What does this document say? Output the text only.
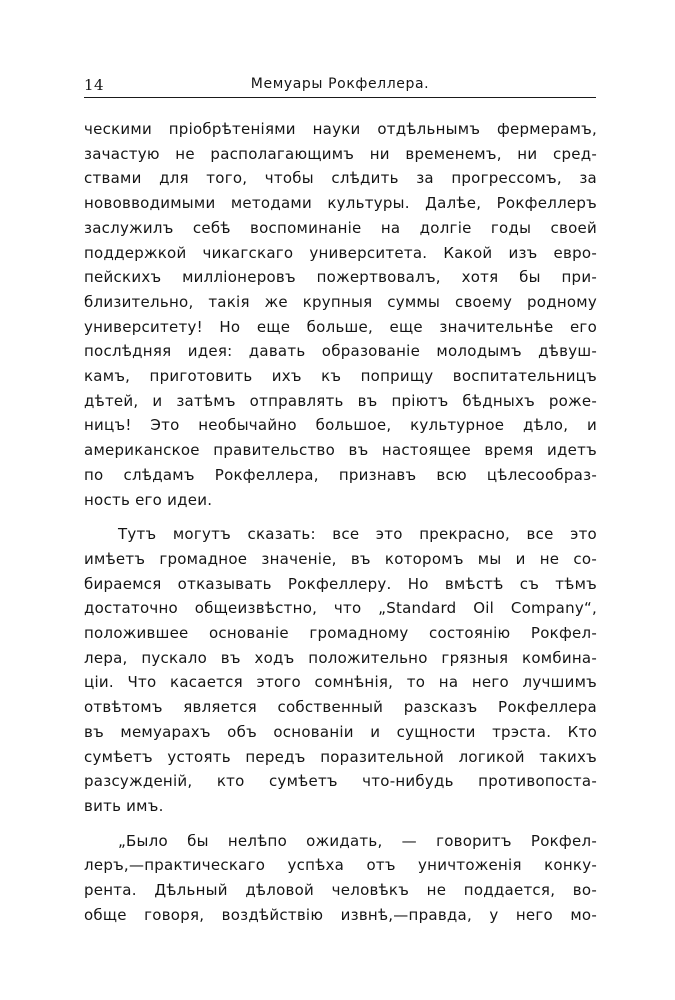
14	Мемуары Рокфеллера.
ческими пріобрѣтеніями науки отдѣльнымъ фермерамъ,
зачастую не располагающимъ ни временемъ, ни сред-
ствами для того, чтобы слѣдить за прогрессомъ, за
нововводимыми методами культуры. Далѣе, Рокфеллеръ
заслужилъ себѣ воспоминаніе на долгіе годы своей
поддержкой чикагскаго университета. Какой изъ евро-
пейскихъ милліонеровъ пожертвовалъ, хотя бы при-
близительно, такія же крупныя суммы своему родному
университету! Но еще больше, еще значительнѣе его
послѣдняя идея: давать образованіе молодымъ дѣвуш-
камъ, приготовить ихъ къ поприщу воспитательницъ
дѣтей, и затѣмъ отправлять въ пріютъ бѣдныхъ роже-
ницъ! Это необычайно большое, культурное дѣло, и
американское правительство въ настоящее время идетъ
по слѣдамъ Рокфеллера, признавъ всю цѣлесообраз-
ность его идеи.
Тутъ могутъ сказать: все это прекрасно, все это
имѣетъ громадное значеніе, въ которомъ мы и не со-
бираемся отказывать Рокфеллеру. Но вмѣстѣ съ тѣмъ
достаточно общеизвѣстно, что „Standard Oil Company“,
положившее основаніе громадному состоянію Рокфел-
лера, пускало въ ходъ положительно грязныя комбина-
ціи. Что касается этого сомнѣнія, то на него лучшимъ
отвѣтомъ является собственный разсказъ Рокфеллера
въ мемуарахъ объ основаніи и сущности трэста. Кто
сумѣетъ устоять передъ поразительной логикой такихъ
разсужденій, кто сумѣетъ что-нибудь противопоста-
вить имъ.
„Было бы нелѣпо ожидать, — говоритъ Рокфел-
леръ,—практическаго успѣха отъ уничтоженія конку-
рента. Дѣльный дѣловой человѣкъ не поддается, во-
обще говоря, воздѣйствію извнѣ,—правда, у него мо-
